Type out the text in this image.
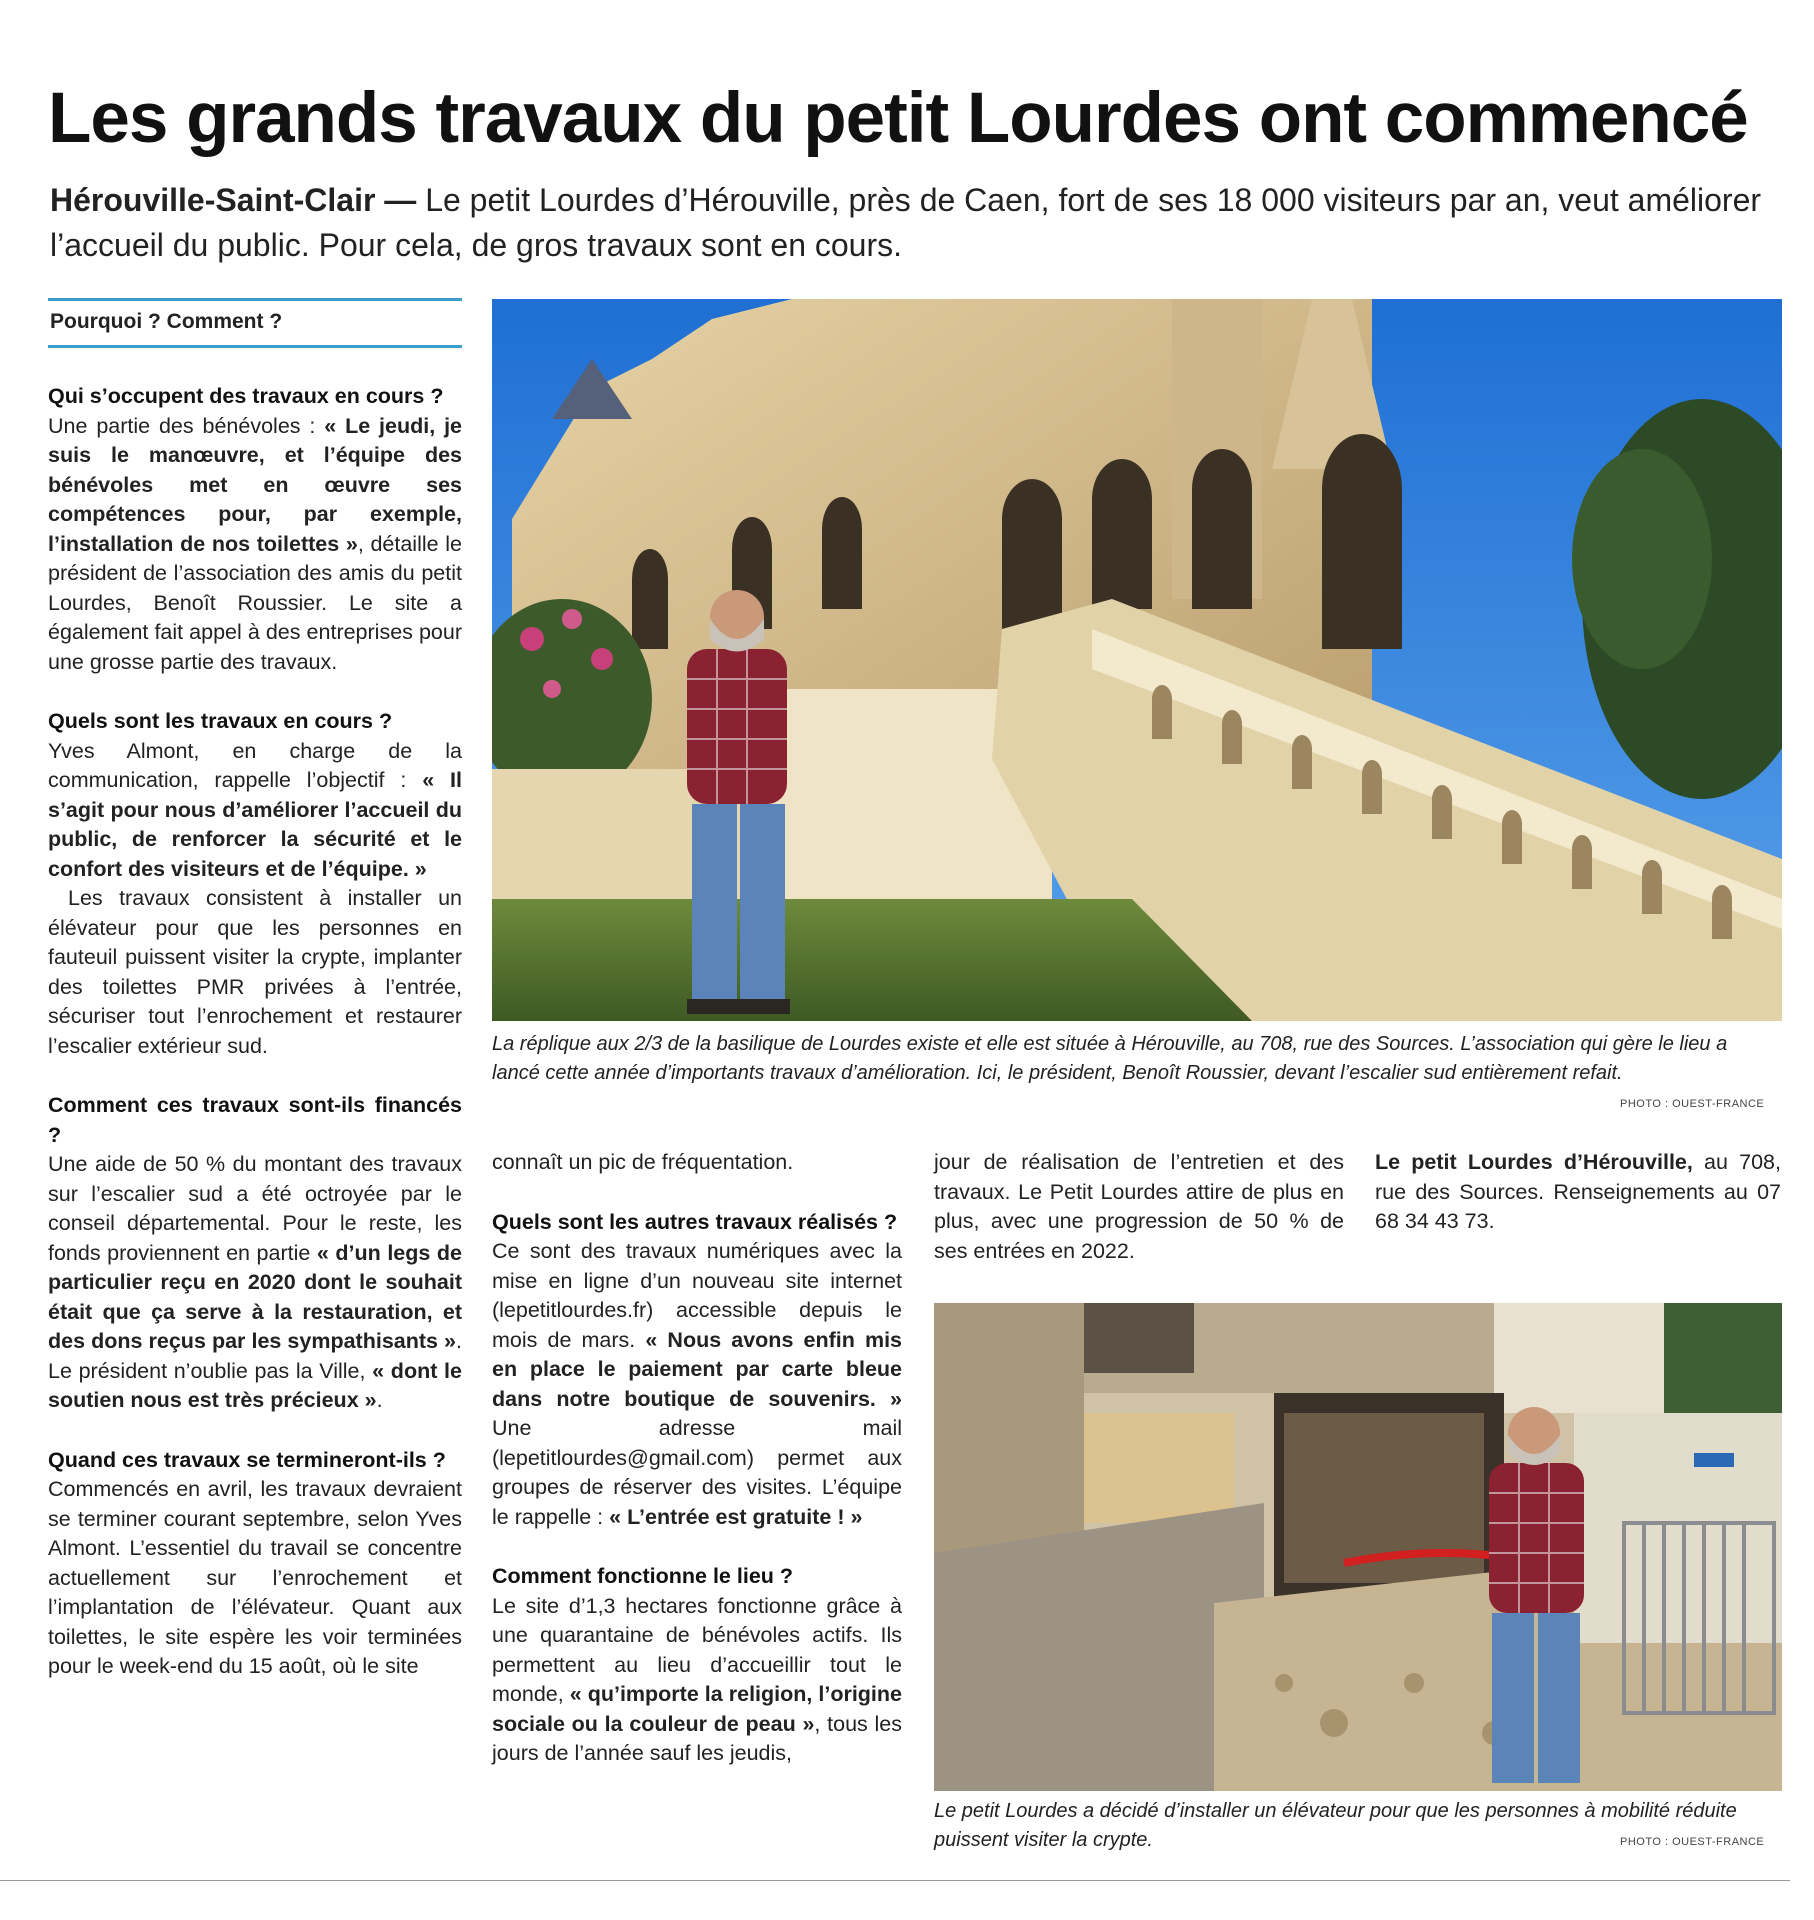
Les grands travaux du petit Lourdes ont commencé
Hérouville-Saint-Clair — Le petit Lourdes d’Hérouville, près de Caen, fort de ses 18 000 visiteurs par an, veut améliorer l’accueil du public. Pour cela, de gros travaux sont en cours.
Pourquoi ? Comment ?

Qui s’occupent des travaux en cours ?

Une partie des bénévoles : « Le jeudi, je suis le manœuvre, et l’équipe des bénévoles met en œuvre ses compétences pour, par exemple, l’installation de nos toilettes », détaille le président de l’association des amis du petit Lourdes, Benoît Roussier. Le site a également fait appel à des entreprises pour une grosse partie des travaux.

Quels sont les travaux en cours ?

Yves Almont, en charge de la communication, rappelle l’objectif : « Il s’agit pour nous d’améliorer l’accueil du public, de renforcer la sécurité et le confort des visiteurs et de l’équipe. »

Les travaux consistent à installer un élévateur pour que les personnes en fauteuil puissent visiter la crypte, implanter des toilettes PMR privées à l’entrée, sécuriser tout l’enrochement et restaurer l’escalier extérieur sud.

Comment ces travaux sont-ils financés ?

Une aide de 50 % du montant des travaux sur l’escalier sud a été octroyée par le conseil départemental. Pour le reste, les fonds proviennent en partie « d’un legs de particulier reçu en 2020 dont le souhait était que ça serve à la restauration, et des dons reçus par les sympathisants ». Le président n’oublie pas la Ville, « dont le soutien nous est très précieux ».

Quand ces travaux se termineront-ils ?

Commencés en avril, les travaux devraient se terminer courant septembre, selon Yves Almont. L’essentiel du travail se concentre actuellement sur l’enrochement et l’implantation de l’élévateur. Quant aux toilettes, le site espère les voir terminées pour le week-end du 15 août, où le site

La réplique aux 2/3 de la basilique de Lourdes existe et elle est située à Hérouville, au 708, rue des Sources. L’association qui gère le lieu a lancé cette année d’importants travaux d’amélioration. Ici, le président, Benoît Roussier, devant l’escalier sud entièrement refait.
PHOTO : OUEST-FRANCE

connaît un pic de fréquentation.

Quels sont les autres travaux réalisés ?

Ce sont des travaux numériques avec la mise en ligne d’un nouveau site internet (lepetitlourdes.fr) accessible depuis le mois de mars. « Nous avons enfin mis en place le paiement par carte bleue dans notre boutique de souvenirs. » Une adresse mail (lepetitlourdes@gmail.com) permet aux groupes de réserver des visites. L’équipe le rappelle : « L’entrée est gratuite ! »

Comment fonctionne le lieu ?

Le site d’1,3 hectares fonctionne grâce à une quarantaine de bénévoles actifs. Ils permettent au lieu d’accueillir tout le monde, « qu’importe la religion, l’origine sociale ou la couleur de peau », tous les jours de l’année sauf les jeudis,

jour de réalisation de l’entretien et des travaux. Le Petit Lourdes attire de plus en plus, avec une progression de 50 % de ses entrées en 2022.

Le petit Lourdes d’Hérouville, au 708, rue des Sources. Renseignements au 07 68 34 43 73.

Le petit Lourdes a décidé d’installer un élévateur pour que les personnes à mobilité réduite puissent visiter la crypte.	PHOTO : OUEST-FRANCE
